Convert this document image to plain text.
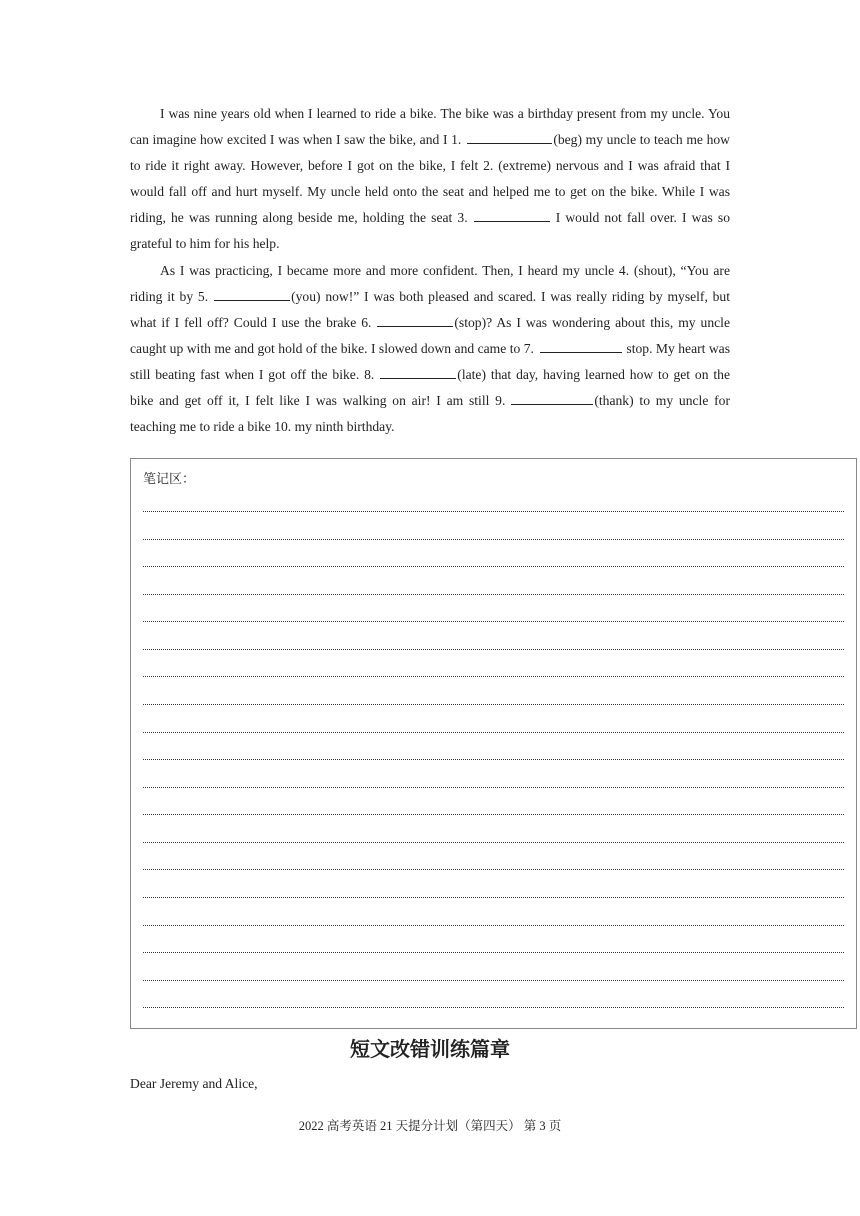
I was nine years old when I learned to ride a bike. The bike was a birthday present from my uncle. You can imagine how excited I was when I saw the bike, and I 1.	(beg) my uncle to teach me how to ride it right away. However, before I got on the bike, I felt 2. (extreme) nervous and I was afraid that I would fall off and hurt myself. My uncle held onto the seat and helped me to get on the bike. While I was riding, he was running along beside me, holding the seat 3.	I would not fall over. I was so grateful to him for his help.

As I was practicing, I became more and more confident. Then, I heard my uncle 4. (shout), “You are riding it by 5.	(you) now!” I was both pleased and scared. I was really riding by myself, but what if I fell off? Could I use the brake 6.	(stop)? As I was wondering about this, my uncle caught up with me and got hold of the bike. I slowed down and came to 7.	stop. My heart was still beating fast when I got off the bike. 8.	(late) that day, having learned how to get on the bike and get off it, I felt like I was walking on air! I am still 9.	(thank) to my uncle for teaching me to ride a bike 10. my ninth birthday.

笔记区：
短文改错训练篇章
Dear Jeremy and Alice,
2022 高考英语 21 天提分计划（第四天） 第 3 页
